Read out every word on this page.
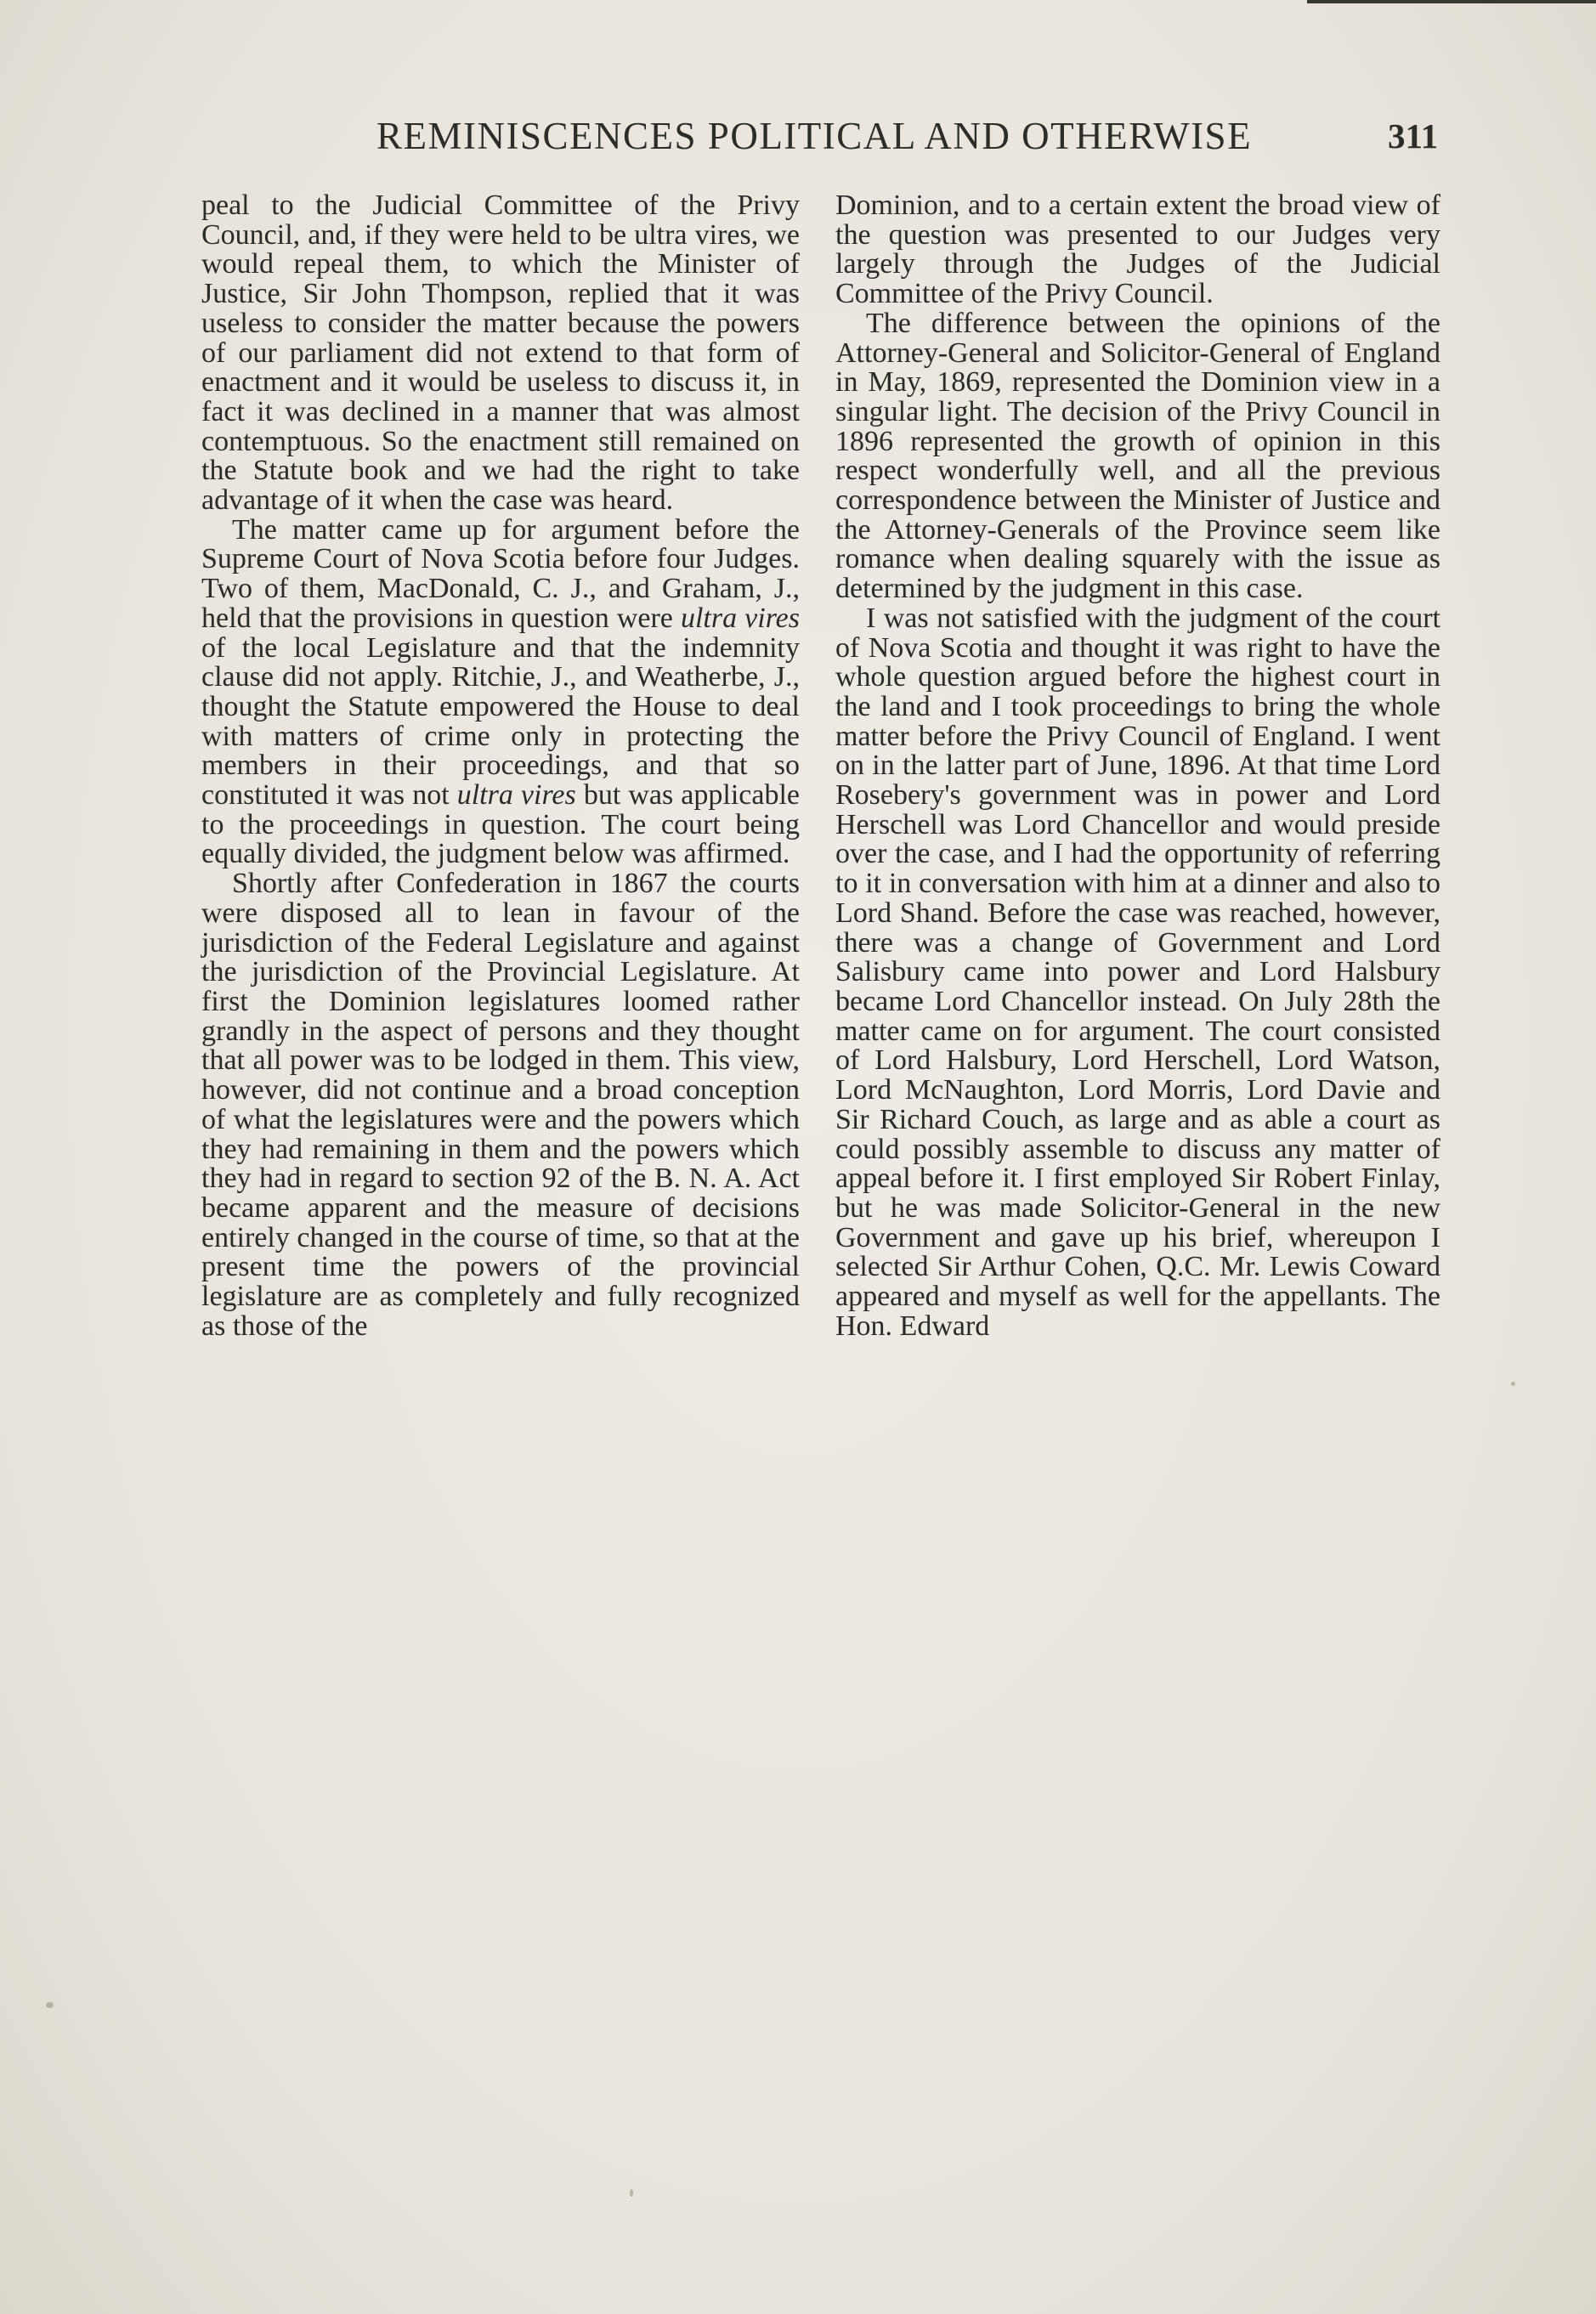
REMINISCENCES POLITICAL AND OTHERWISE	311

peal to the Judicial Committee of the Privy Council, and, if they were held to be ultra vires, we would repeal them, to which the Minister of Justice, Sir John Thompson, replied that it was useless to consider the matter because the powers of our parliament did not extend to that form of enactment and it would be useless to discuss it, in fact it was declined in a manner that was almost contemptuous. So the enactment still remained on the Statute book and we had the right to take advantage of it when the case was heard.

The matter came up for argument before the Supreme Court of Nova Scotia before four Judges. Two of them, MacDonald, C. J., and Graham, J., held that the provisions in question were ultra vires of the local Legislature and that the indemnity clause did not apply. Ritchie, J., and Weatherbe, J., thought the Statute empowered the House to deal with matters of crime only in protecting the members in their proceedings, and that so constituted it was not ultra vires but was applicable to the proceedings in question. The court being equally divided, the judgment below was affirmed.

Shortly after Confederation in 1867 the courts were disposed all to lean in favour of the jurisdiction of the Federal Legislature and against the jurisdiction of the Provincial Legislature. At first the Dominion legislatures loomed rather grandly in the aspect of persons and they thought that all power was to be lodged in them. This view, however, did not continue and a broad conception of what the legislatures were and the powers which they had remaining in them and the powers which they had in regard to section 92 of the B. N. A. Act became apparent and the measure of decisions entirely changed in the course of time, so that at the present time the powers of the provincial legislature are as completely and fully recognized as those of the

Dominion, and to a certain extent the broad view of the question was presented to our Judges very largely through the Judges of the Judicial Committee of the Privy Council.

The difference between the opinions of the Attorney-General and Solicitor-General of England in May, 1869, represented the Dominion view in a singular light. The decision of the Privy Council in 1896 represented the growth of opinion in this respect wonderfully well, and all the previous correspondence between the Minister of Justice and the Attorney-Generals of the Province seem like romance when dealing squarely with the issue as determined by the judgment in this case.

I was not satisfied with the judgment of the court of Nova Scotia and thought it was right to have the whole question argued before the highest court in the land and I took proceedings to bring the whole matter before the Privy Council of England. I went on in the latter part of June, 1896. At that time Lord Rosebery's government was in power and Lord Herschell was Lord Chancellor and would preside over the case, and I had the opportunity of referring to it in conversation with him at a dinner and also to Lord Shand. Before the case was reached, however, there was a change of Government and Lord Salisbury came into power and Lord Halsbury became Lord Chancellor instead. On July 28th the matter came on for argument. The court consisted of Lord Halsbury, Lord Herschell, Lord Watson, Lord McNaughton, Lord Morris, Lord Davie and Sir Richard Couch, as large and as able a court as could possibly assemble to discuss any matter of appeal before it. I first employed Sir Robert Finlay, but he was made Solicitor-General in the new Government and gave up his brief, whereupon I selected Sir Arthur Cohen, Q.C. Mr. Lewis Coward appeared and myself as well for the appellants. The Hon. Edward
